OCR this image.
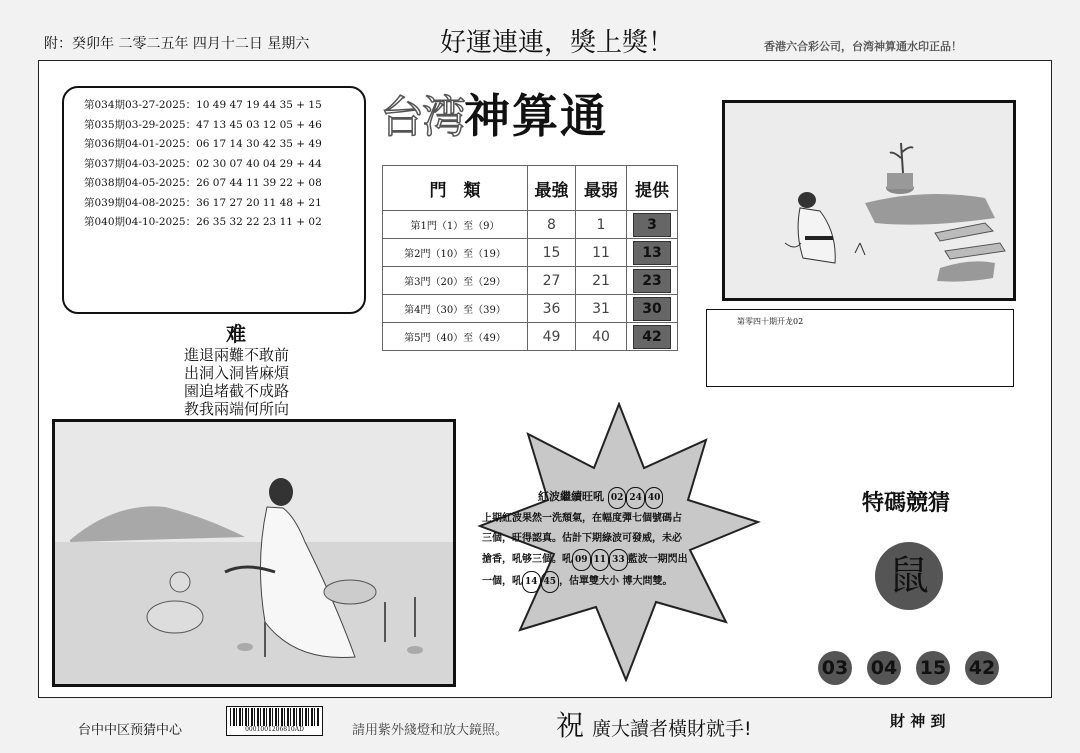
附：癸卯年 二零二五年 四月十二日 星期六	好運連連，獎上獎！	香港六合彩公司，台湾神算通水印正品！
第034期03-27-2025：10 49 47 19 44 35 + 15
第035期03-29-2025：47 13 45 03 12 05 + 46
第036期04-01-2025：06 17 14 30 42 35 + 49
第037期04-03-2025：02 30 07 40 04 29 + 44
第038期04-05-2025：26 07 44 11 39 22 + 08
第039期04-08-2025：36 17 27 20 11 48 + 21
第040期04-10-2025：26 35 32 22 23 11 + 02
台湾神算通
門　類	最強	最弱	提供
第1門（1）至（9）	8	1	3
第2門（10）至（19）	15	11	13
第3門（20）至（29）	27	21	23
第4門（30）至（39）	36	31	30
第5門（40）至（49）	49	40	42
第零四十期开龙02
难
進退兩難不敢前
出洞入洞皆麻煩
園追堵截不成路
教我兩端何所向
紅波繼續旺吼 02 24 40
上期紅波果然一洗頹氣，在幅度彈七個號碼占
三個，旺得認真。估計下期綠波可發威，未必
搶香，吼够三個。吼 09 11 33 藍波一期閃出
一個，吼 14 45 ，估單雙大小 博大問雙。
特碼競猜
鼠
03 04 15 42
台中中区预猜中心	0001001206810AD	請用紫外綫燈和放大鏡照。 祝 廣大讀者橫財就手!	財 神 到
